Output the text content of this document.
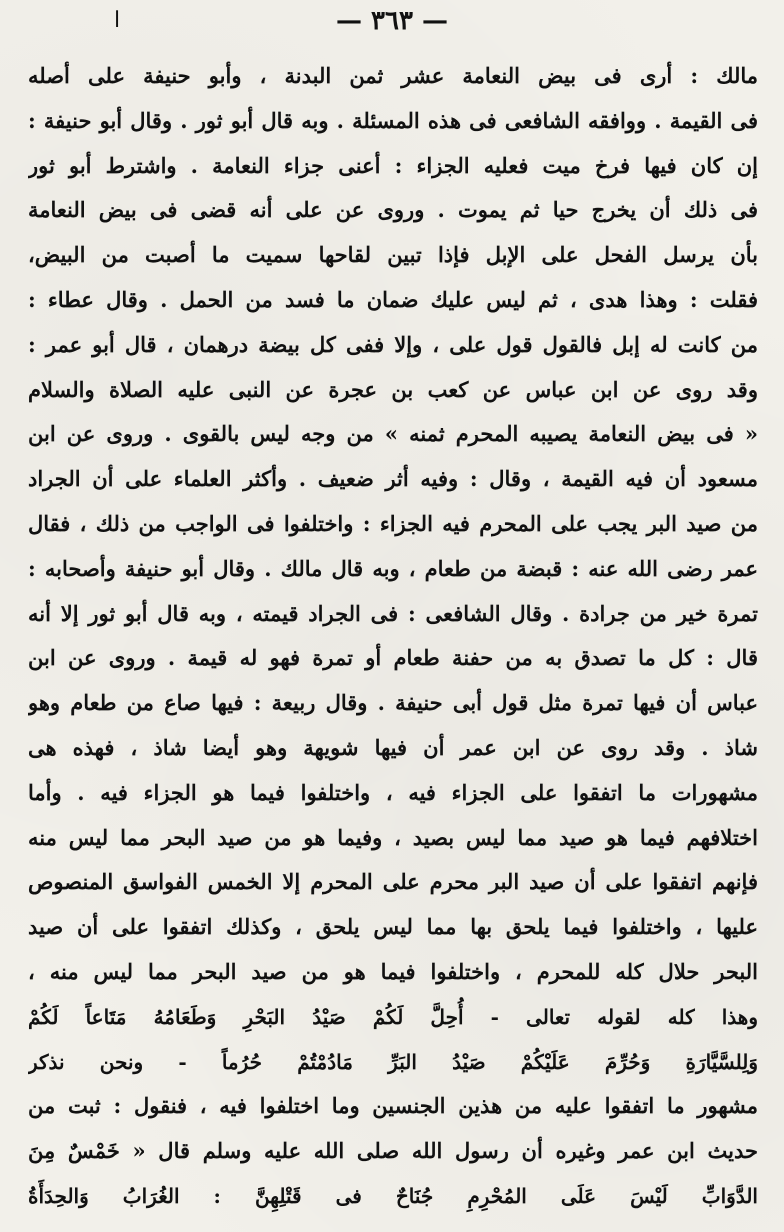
ا	— ٣٦٣ —
مالك : أرى فى بيض النعامة عشر ثمن البدنة ، وأبو حنيفة على أصله
فى القيمة . ووافقه الشافعى فى هذه المسئلة . وبه قال أبو ثور . وقال أبو حنيفة :
إن كان فيها فرخ ميت فعليه الجزاء : أعنى جزاء النعامة . واشترط أبو ثور
فى ذلك أن يخرج حيا ثم يموت . وروى عن على أنه قضى فى بيض النعامة
بأن يرسل الفحل على الإبل فإذا تبين لقاحها سميت ما أصبت من البيض،
فقلت : وهذا هدى ، ثم ليس عليك ضمان ما فسد من الحمل . وقال عطاء :
من كانت له إبل فالقول قول على ، وإلا ففى كل بيضة درهمان ، قال أبو عمر :
وقد روى عن ابن عباس عن كعب بن عجرة عن النبى عليه الصلاة والسلام
« فى بيض النعامة يصيبه المحرم ثمنه » من وجه ليس بالقوى . وروى عن ابن
مسعود أن فيه القيمة ، وقال : وفيه أثر ضعيف . وأكثر العلماء على أن الجراد
من صيد البر يجب على المحرم فيه الجزاء : واختلفوا فى الواجب من ذلك ، فقال
عمر رضى الله عنه : قبضة من طعام ، وبه قال مالك . وقال أبو حنيفة وأصحابه :
تمرة خير من جرادة . وقال الشافعى : فى الجراد قيمته ، وبه قال أبو ثور إلا أنه
قال : كل ما تصدق به من حفنة طعام أو تمرة فهو له قيمة . وروى عن ابن
عباس أن فيها تمرة مثل قول أبى حنيفة . وقال ربيعة : فيها صاع من طعام وهو
شاذ . وقد روى عن ابن عمر أن فيها شويهة وهو أيضا شاذ ، فهذه هى
مشهورات ما اتفقوا على الجزاء فيه ، واختلفوا فيما هو الجزاء فيه . وأما
اختلافهم فيما هو صيد مما ليس بصيد ، وفيما هو من صيد البحر مما ليس منه
فإنهم اتفقوا على أن صيد البر محرم على المحرم إلا الخمس الفواسق المنصوص
عليها ، واختلفوا فيما يلحق بها مما ليس يلحق ، وكذلك اتفقوا على أن صيد
البحر حلال كله للمحرم ، واختلفوا فيما هو من صيد البحر مما ليس منه ،
وهذا كله لقوله تعالى - أُحِلَّ لَكُمْ صَيْدُ البَحْرِ وَطَعَامُهُ مَتَاعاً لَكُمْ
وَلِلسَّيَّارَةِ وَحُرِّمَ عَلَيْكُمْ صَيْدُ البَرِّ مَادُمْتُمْ حُرُماً - ونحن نذكر
مشهور ما اتفقوا عليه من هذين الجنسين وما اختلفوا فيه ، فنقول : ثبت من
حديث ابن عمر وغيره أن رسول الله صلى الله عليه وسلم قال « خَمْسٌ مِنَ
الدَّوَابِّ لَيْسَ عَلَى المُحْرِمِ جُنَاحٌ فى قَتْلِهِنَّ : الغُرَابُ وَالحِدَأَةُ
